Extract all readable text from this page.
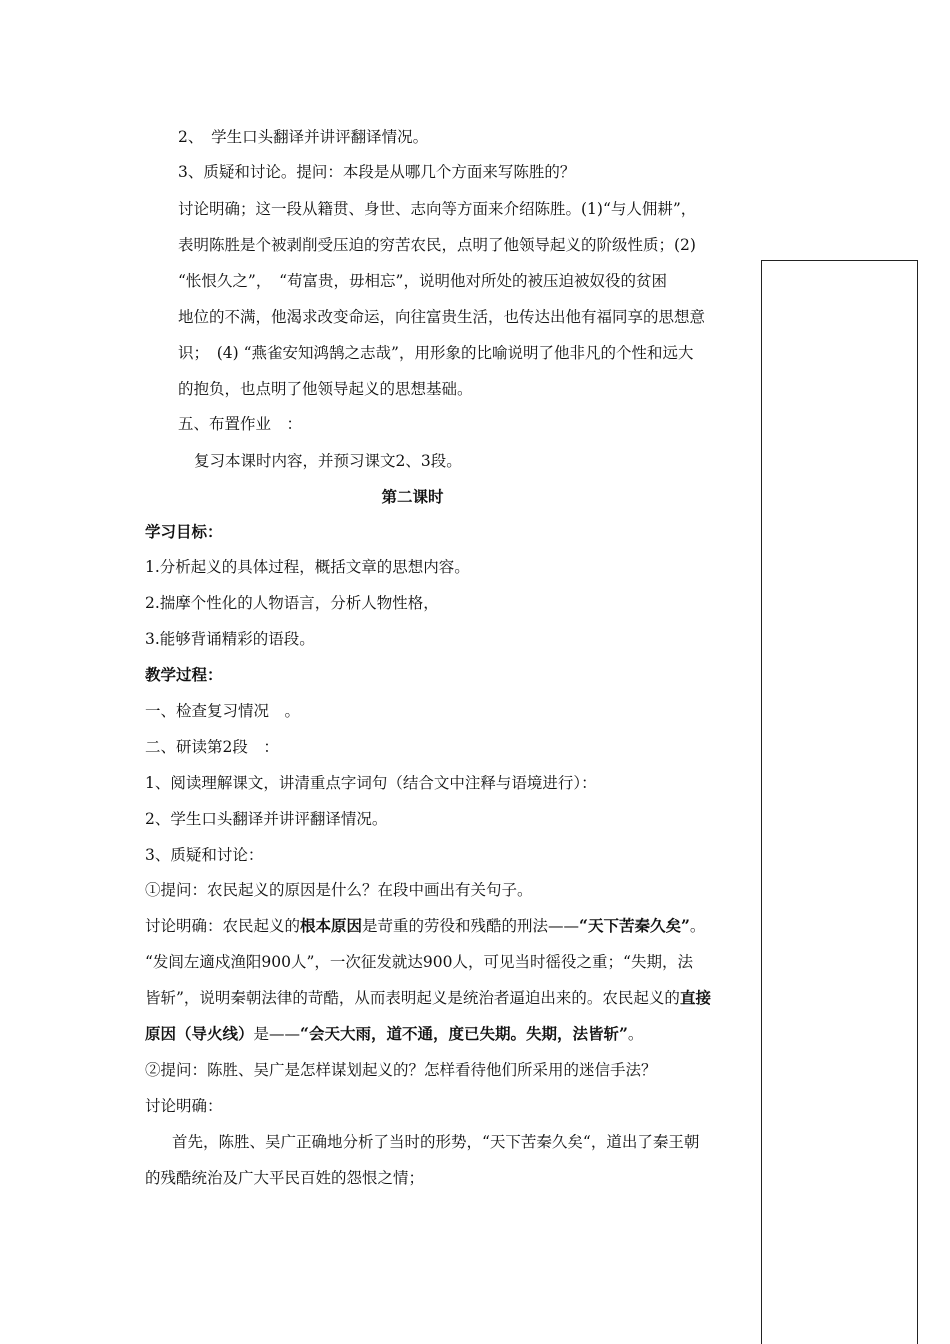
2、　学生口头翻译并讲评翻译情况。
3、质疑和讨论。提问：本段是从哪几个方面来写陈胜的？
讨论明确；这一段从籍贯、身世、志向等方面来介绍陈胜。(1)“与人佣耕”，
表明陈胜是个被剥削受压迫的穷苦农民，点明了他领导起义的阶级性质；(2)
“怅恨久之”，　“苟富贵，毋相忘”，说明他对所处的被压迫被奴役的贫困
地位的不满，他渴求改变命运，向往富贵生活，也传达出他有福同享的思想意
识；　(4) “燕雀安知鸿鹄之志哉”，用形象的比喻说明了他非凡的个性和远大
的抱负，也点明了他领导起义的思想基础。
五、布置作业　：
复习本课时内容，并预习课文2、3段。
第二课时
学习目标：
1.分析起义的具体过程，概括文章的思想内容。
2.揣摩个性化的人物语言，分析人物性格，
3.能够背诵精彩的语段。
教学过程：
一、检查复习情况　。
二、研读第2段　：
1、阅读理解课文，讲清重点字词句（结合文中注释与语境进行）：
2、学生口头翻译并讲评翻译情况。
3、质疑和讨论：
①提问：农民起义的原因是什么？在段中画出有关句子。
讨论明确：农民起义的根本原因是苛重的劳役和残酷的刑法——“天下苦秦久矣”。
“发闾左適戍渔阳900人”，一次征发就达900人，可见当时徭役之重；“失期，法
皆斩”，说明秦朝法律的苛酷，从而表明起义是统治者逼迫出来的。农民起义的直接
原因（导火线）是——“会天大雨，道不通，度已失期。失期，法皆斩”。
②提问：陈胜、吴广是怎样谋划起义的？怎样看待他们所采用的迷信手法？
讨论明确：
首先，陈胜、吴广正确地分析了当时的形势，“天下苦秦久矣“，道出了秦王朝
的残酷统治及广大平民百姓的怨恨之情；
